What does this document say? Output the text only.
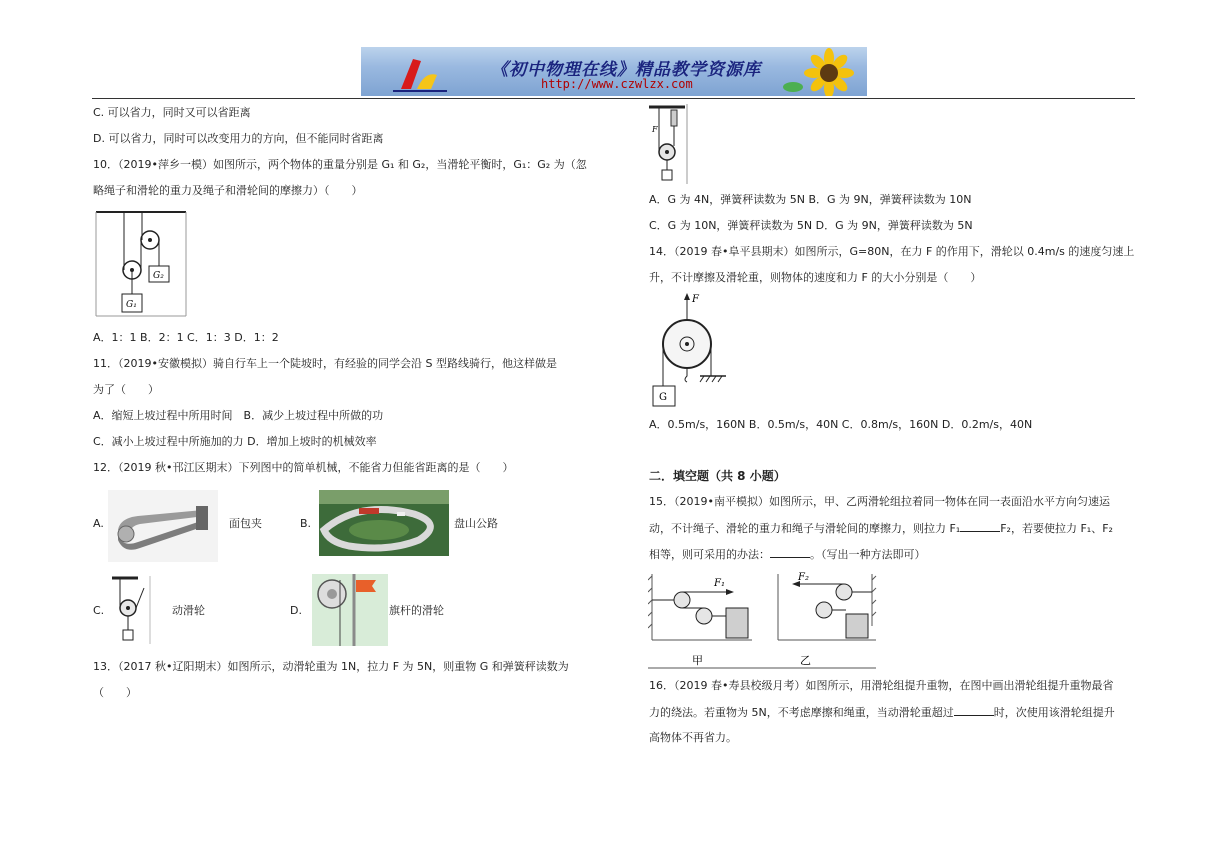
《初中物理在线》精品教学资源库
http://www.czwlzx.com
C. 可以省力，同时又可以省距离
D. 可以省力，同时可以改变用力的方向，但不能同时省距离
10．（2019•萍乡一模）如图所示，两个物体的重量分别是 G₁ 和 G₂，当滑轮平衡时，G₁：G₂ 为（忽
略绳子和滑轮的重力及绳子和滑轮间的摩擦力）（　　）
G₂
G₁
A．1：1 B．2：1 C．1：3 D．1：2
11．（2019•安徽模拟）骑自行车上一个陡坡时，有经验的同学会沿 S 型路线骑行，他这样做是
为了（　　）
A．缩短上坡过程中所用时间　B．减少上坡过程中所做的功
C．减小上坡过程中所施加的力 D．增加上坡时的机械效率
12．（2019 秋•邗江区期末）下列图中的简单机械，不能省力但能省距离的是（　　）
A.	面包夹	B.	盘山公路
C.	动滑轮	D.	旗杆的滑轮
13．（2017 秋•辽阳期末）如图所示，动滑轮重为 1N，拉力 F 为 5N，则重物 G 和弹簧秤读数为
（　　）
F
A．G 为 4N，弹簧秤读数为 5N B．G 为 9N，弹簧秤读数为 10N
C．G 为 10N，弹簧秤读数为 5N D．G 为 9N，弹簧秤读数为 5N
14．（2019 春•阜平县期末）如图所示，G=80N，在力 F 的作用下，滑轮以 0.4m/s 的速度匀速上
升，不计摩擦及滑轮重，则物体的速度和力 F 的大小分别是（　　）
F
G
A．0.5m/s，160N B．0.5m/s，40N C．0.8m/s，160N D．0.2m/s，40N
二．填空题（共 8 小题）
15．（2019•南平模拟）如图所示，甲、乙两滑轮组拉着同一物体在同一表面沿水平方向匀速运
动，不计绳子、滑轮的重力和绳子与滑轮间的摩擦力，则拉力 F₁	F₂，若要使拉力 F₁、F₂
相等，则可采用的办法：	。（写出一种方法即可）
F₁
F₂
甲	乙
16．（2019 春•寿县校级月考）如图所示，用滑轮组提升重物，在图中画出滑轮组提升重物最省
力的绕法。若重物为 5N，不考虑摩擦和绳重，当动滑轮重超过	时，次使用该滑轮组提升
高物体不再省力。
